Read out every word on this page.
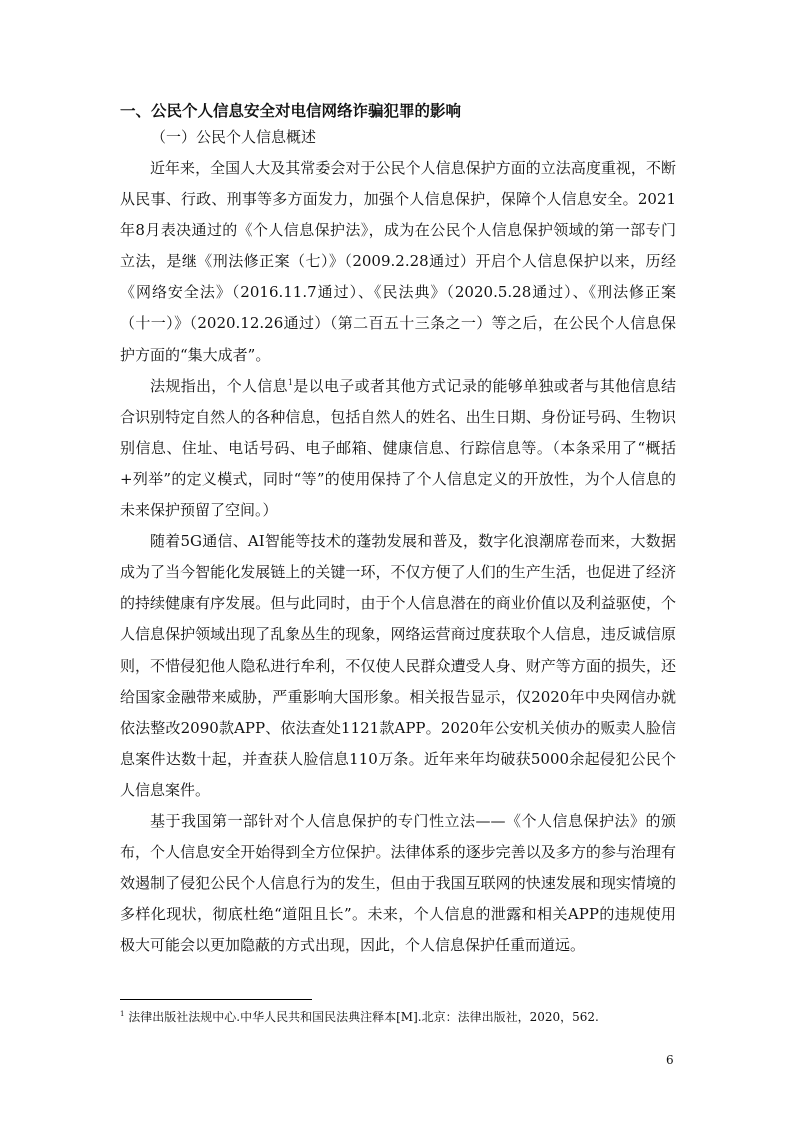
一、公民个人信息安全对电信网络诈骗犯罪的影响
（一）公民个人信息概述

近年来，全国人大及其常委会对于公民个人信息保护方面的立法高度重视，不断从民事、行政、刑事等多方面发力，加强个人信息保护，保障个人信息安全。2021年8月表决通过的《个人信息保护法》，成为在公民个人信息保护领域的第一部专门立法，是继《刑法修正案（七）》（2009.2.28通过）开启个人信息保护以来，历经《网络安全法》（2016.11.7通过）、《民法典》（2020.5.28通过）、《刑法修正案（十一）》（2020.12.26通过）（第二百五十三条之一）等之后，在公民个人信息保护方面的“集大成者”。

法规指出，个人信息$^1$是以电子或者其他方式记录的能够单独或者与其他信息结合识别特定自然人的各种信息，包括自然人的姓名、出生日期、身份证号码、生物识别信息、住址、电话号码、电子邮箱、健康信息、行踪信息等。（本条采用了“概括+列举”的定义模式，同时“等”的使用保持了个人信息定义的开放性，为个人信息的未来保护预留了空间。）

随着5G通信、AI智能等技术的蓬勃发展和普及，数字化浪潮席卷而来，大数据成为了当今智能化发展链上的关键一环，不仅方便了人们的生产生活，也促进了经济的持续健康有序发展。但与此同时，由于个人信息潜在的商业价值以及利益驱使，个人信息保护领域出现了乱象丛生的现象，网络运营商过度获取个人信息，违反诚信原则，不惜侵犯他人隐私进行牟利，不仅使人民群众遭受人身、财产等方面的损失，还给国家金融带来威胁，严重影响大国形象。相关报告显示，仅2020年中央网信办就依法整改2090款APP、依法查处1121款APP。2020年公安机关侦办的贩卖人脸信息案件达数十起，并查获人脸信息110万条。近年来年均破获5000余起侵犯公民个人信息案件。

基于我国第一部针对个人信息保护的专门性立法——《个人信息保护法》的颁布，个人信息安全开始得到全方位保护。法律体系的逐步完善以及多方的参与治理有效遏制了侵犯公民个人信息行为的发生，但由于我国互联网的快速发展和现实情境的多样化现状，彻底杜绝“道阻且长”。未来，个人信息的泄露和相关APP的违规使用极大可能会以更加隐蔽的方式出现，因此，个人信息保护任重而道远。

$^1$ 法律出版社法规中心.中华人民共和国民法典注释本[M].北京：法律出版社，2020，562.
6
